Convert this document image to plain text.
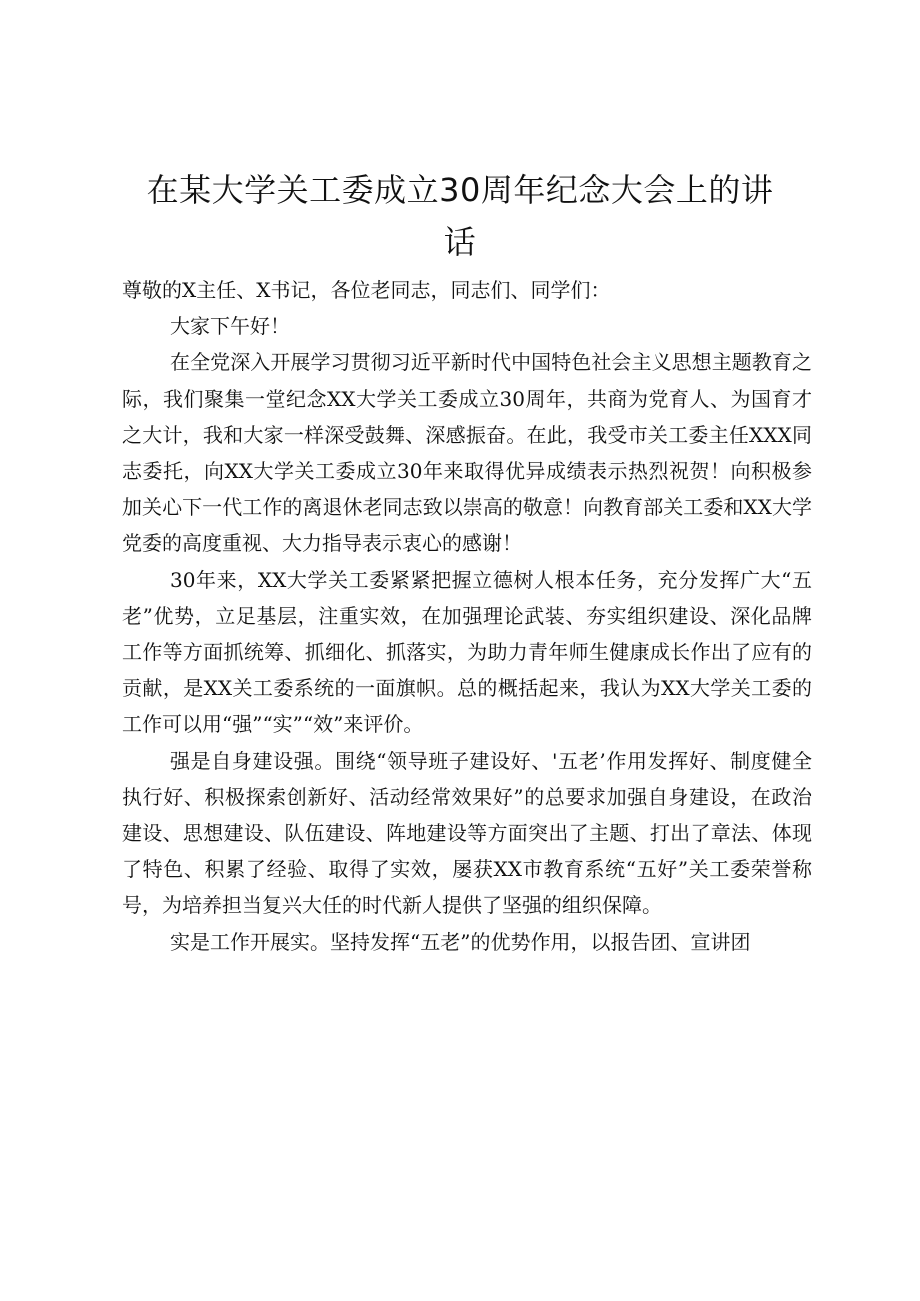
在某大学关工委成立30周年纪念大会上的讲
话

尊敬的X主任、X书记，各位老同志，同志们、同学们：

大家下午好！

在全党深入开展学习贯彻习近平新时代中国特色社会主义思想主题教育之际，我们聚集一堂纪念XX大学关工委成立30周年，共商为党育人、为国育才之大计，我和大家一样深受鼓舞、深感振奋。在此，我受市关工委主任XXX同志委托，向XX大学关工委成立30年来取得优异成绩表示热烈祝贺！向积极参加关心下一代工作的离退休老同志致以崇高的敬意！向教育部关工委和XX大学党委的高度重视、大力指导表示衷心的感谢！

30年来，XX大学关工委紧紧把握立德树人根本任务，充分发挥广大“五老”优势，立足基层，注重实效，在加强理论武装、夯实组织建设、深化品牌工作等方面抓统筹、抓细化、抓落实，为助力青年师生健康成长作出了应有的贡献，是XX关工委系统的一面旗帜。总的概括起来，我认为XX大学关工委的工作可以用“强”“实”“效”来评价。

强是自身建设强。围绕“领导班子建设好、'五老’作用发挥好、制度健全执行好、积极探索创新好、活动经常效果好”的总要求加强自身建设，在政治建设、思想建设、队伍建设、阵地建设等方面突出了主题、打出了章法、体现了特色、积累了经验、取得了实效，屡获XX市教育系统“五好”关工委荣誉称号，为培养担当复兴大任的时代新人提供了坚强的组织保障。

实是工作开展实。坚持发挥“五老”的优势作用，以报告团、宣讲团
